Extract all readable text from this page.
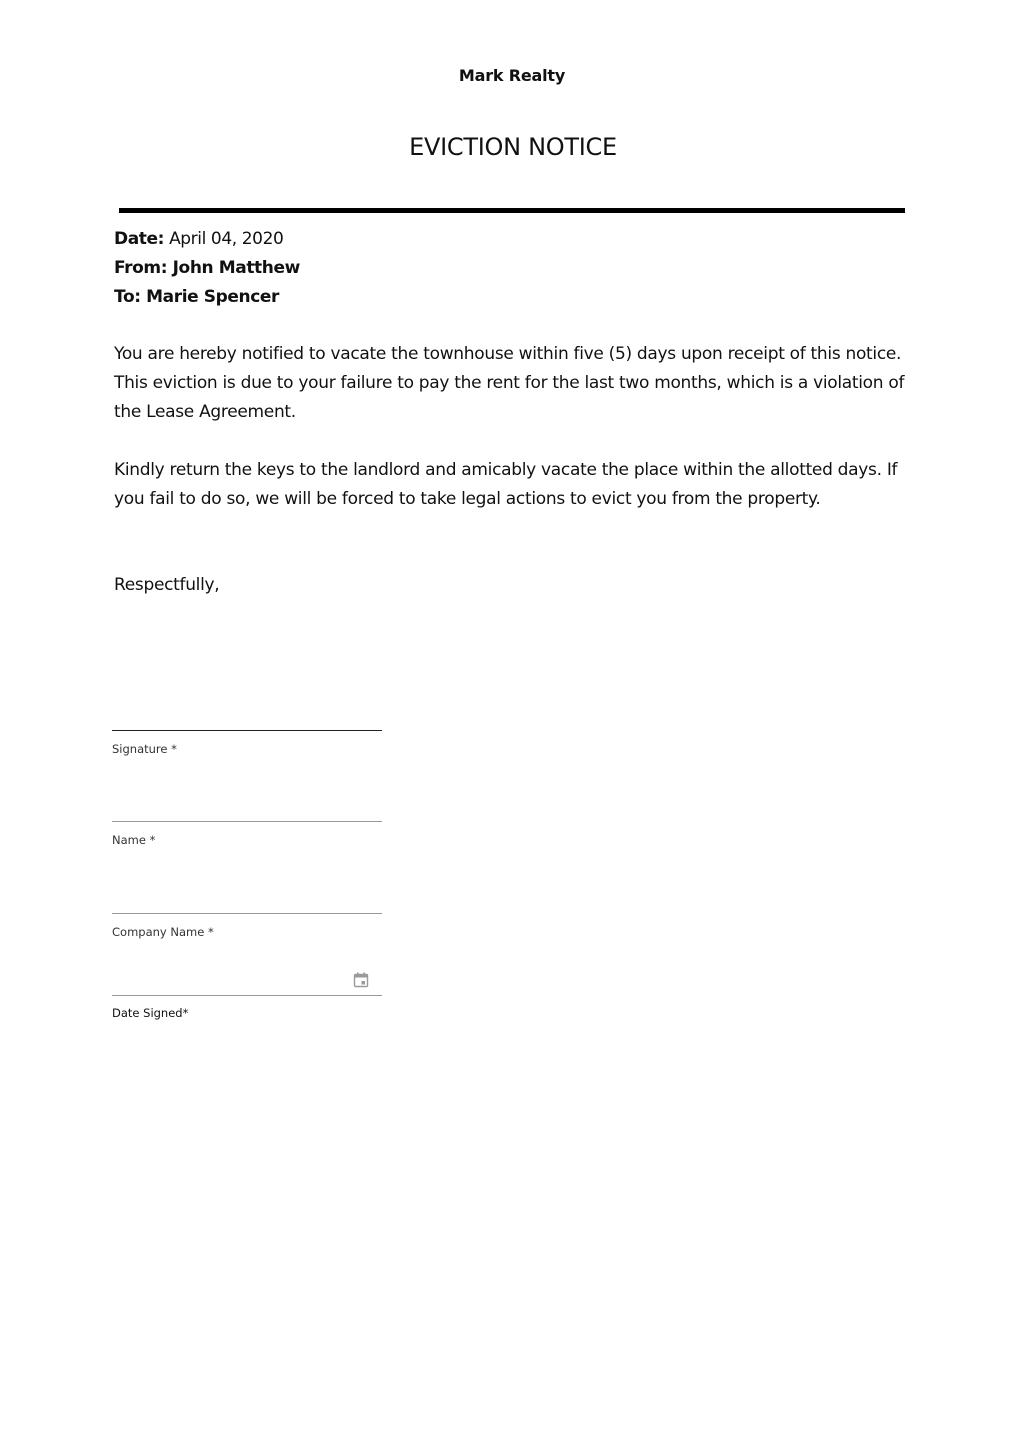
Mark Realty
EVICTION NOTICE
Date: April 04, 2020
From: John Matthew
To: Marie Spencer

You are hereby notified to vacate the townhouse within five (5) days upon receipt of this notice. This eviction is due to your failure to pay the rent for the last two months, which is a violation of the Lease Agreement.

Kindly return the keys to the landlord and amicably vacate the place within the allotted days. If you fail to do so, we will be forced to take legal actions to evict you from the property.

Respectfully,

Signature *
Name *
Company Name *
Date Signed*
